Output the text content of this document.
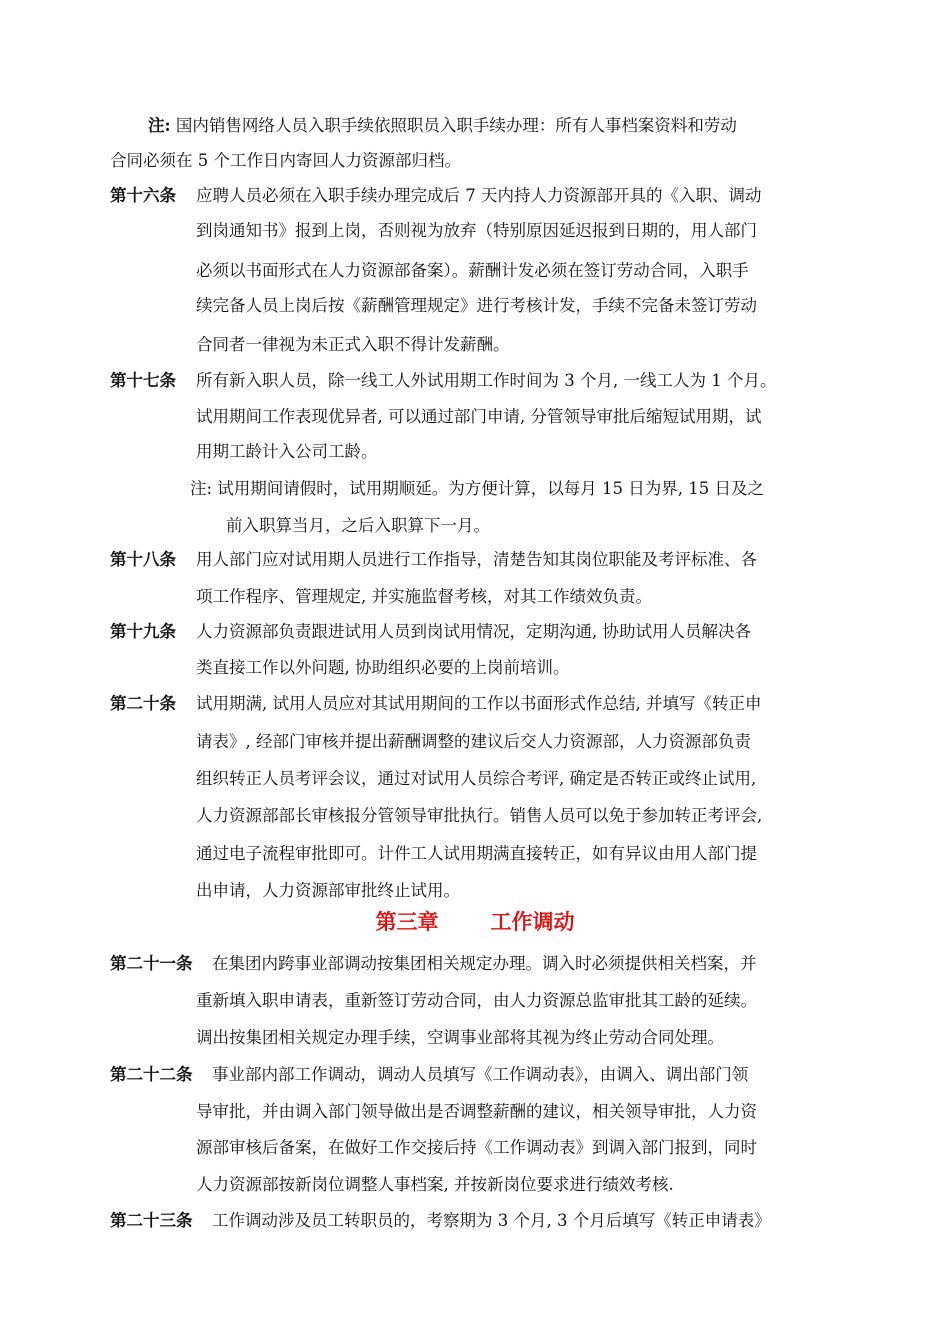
注: 国内销售网络人员入职手续依照职员入职手续办理：所有人事档案资料和劳动
合同必须在 5 个工作日内寄回人力资源部归档。
第十六条 应聘人员必须在入职手续办理完成后 7 天内持人力资源部开具的《入职、调动
到岗通知书》报到上岗，否则视为放弃（特别原因延迟报到日期的，用人部门
必须以书面形式在人力资源部备案）。薪酬计发必须在签订劳动合同，入职手
续完备人员上岗后按《薪酬管理规定》进行考核计发，手续不完备未签订劳动
合同者一律视为未正式入职不得计发薪酬。
第十七条 所有新入职人员，除一线工人外试用期工作时间为 3 个月, 一线工人为 1 个月。
试用期间工作表现优异者, 可以通过部门申请, 分管领导审批后缩短试用期，试
用期工龄计入公司工龄。
注: 试用期间请假时，试用期顺延。为方便计算，以每月 15 日为界, 15 日及之
前入职算当月，之后入职算下一月。
第十八条 用人部门应对试用期人员进行工作指导，清楚告知其岗位职能及考评标准、各
项工作程序、管理规定, 并实施监督考核，对其工作绩效负责。
第十九条 人力资源部负责跟进试用人员到岗试用情况，定期沟通, 协助试用人员解决各
类直接工作以外问题, 协助组织必要的上岗前培训。
第二十条 试用期满, 试用人员应对其试用期间的工作以书面形式作总结, 并填写《转正申
请表》, 经部门审核并提出薪酬调整的建议后交人力资源部，人力资源部负责
组织转正人员考评会议，通过对试用人员综合考评, 确定是否转正或终止试用,
人力资源部部长审核报分管领导审批执行。销售人员可以免于参加转正考评会,
通过电子流程审批即可。计件工人试用期满直接转正，如有异议由用人部门提
出申请，人力资源部审批终止试用。
第三章 工作调动
第二十一条 在集团内跨事业部调动按集团相关规定办理。调入时必须提供相关档案，并
重新填入职申请表，重新签订劳动合同，由人力资源总监审批其工龄的延续。
调出按集团相关规定办理手续，空调事业部将其视为终止劳动合同处理。
第二十二条 事业部内部工作调动，调动人员填写《工作调动表》，由调入、调出部门领
导审批，并由调入部门领导做出是否调整薪酬的建议，相关领导审批，人力资
源部审核后备案，在做好工作交接后持《工作调动表》到调入部门报到，同时
人力资源部按新岗位调整人事档案, 并按新岗位要求进行绩效考核.
第二十三条 工作调动涉及员工转职员的，考察期为 3 个月, 3 个月后填写《转正申请表》
